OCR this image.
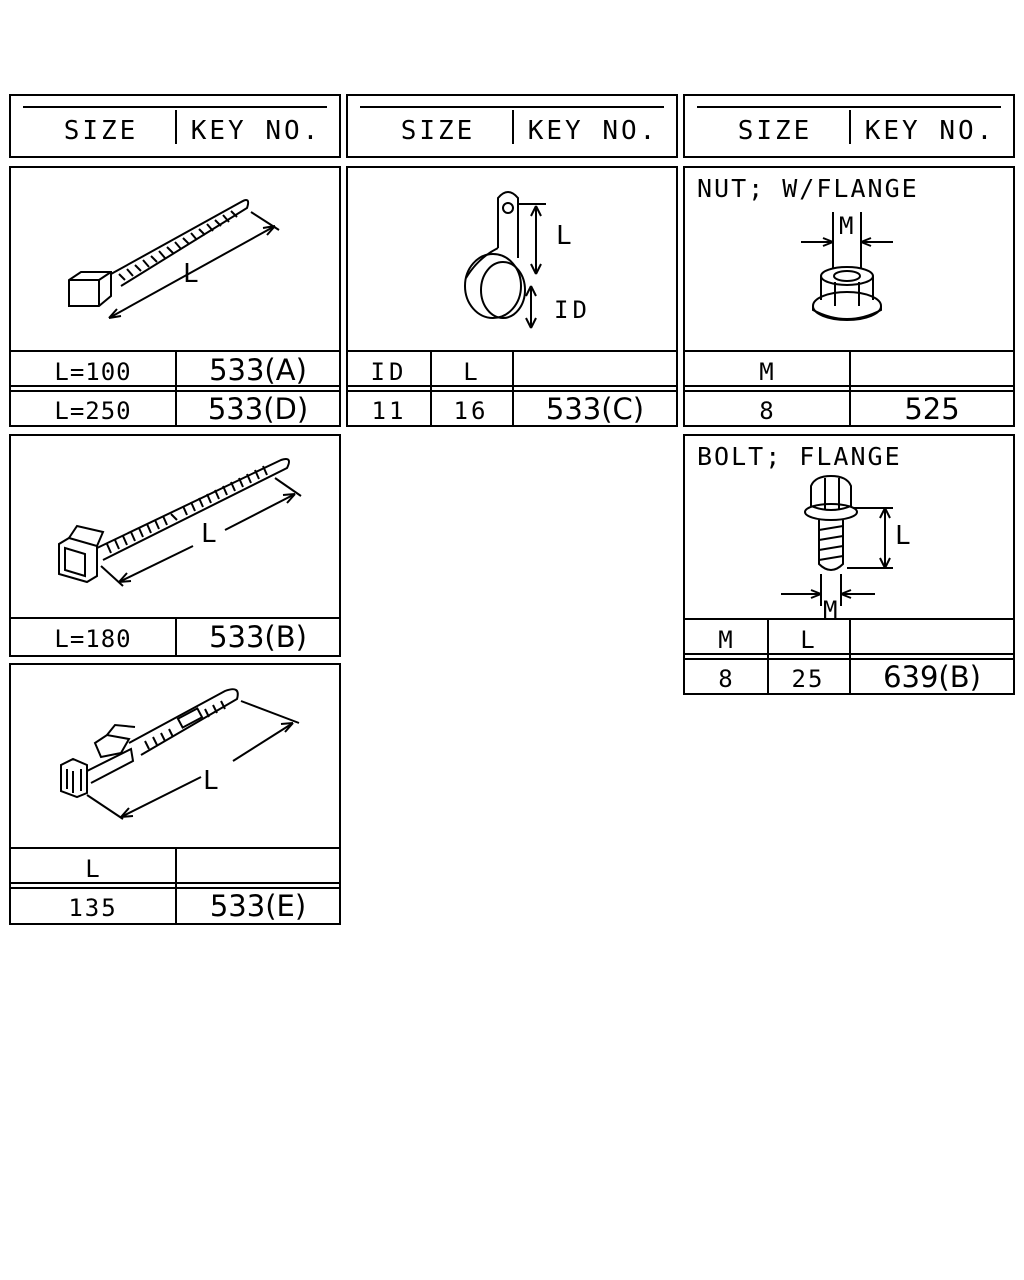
SIZE	KEY NO.	SIZE	KEY NO.	SIZE	KEY NO.
L
L=100	533(A)
L=250	533(D)
L
ID
ID	L
11	16	533(C)
NUT; W/FLANGE
M
M
8	525
L
L=180	533(B)
BOLT; FLANGE
L
M
M	L
8	25	639(B)
L
L
135	533(E)
